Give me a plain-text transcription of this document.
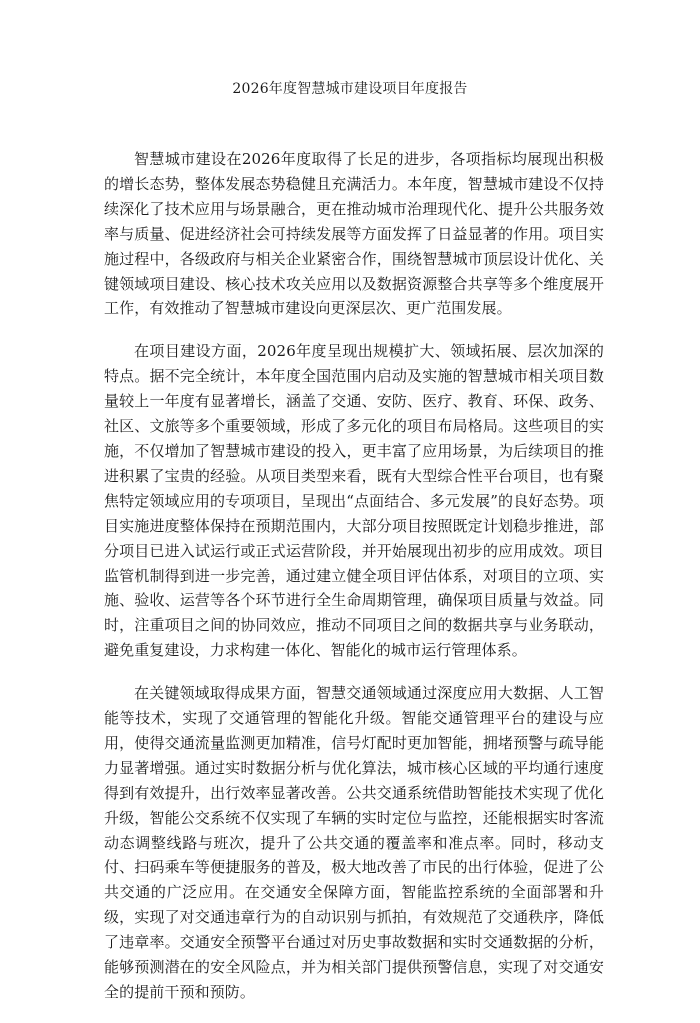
2026年度智慧城市建设项目年度报告

智慧城市建设在2026年度取得了长足的进步，各项指标均展现出积极的增长态势，整体发展态势稳健且充满活力。本年度，智慧城市建设不仅持续深化了技术应用与场景融合，更在推动城市治理现代化、提升公共服务效率与质量、促进经济社会可持续发展等方面发挥了日益显著的作用。项目实施过程中，各级政府与相关企业紧密合作，围绕智慧城市顶层设计优化、关键领域项目建设、核心技术攻关应用以及数据资源整合共享等多个维度展开工作，有效推动了智慧城市建设向更深层次、更广范围发展。

在项目建设方面，2026年度呈现出规模扩大、领域拓展、层次加深的特点。据不完全统计，本年度全国范围内启动及实施的智慧城市相关项目数量较上一年度有显著增长，涵盖了交通、安防、医疗、教育、环保、政务、社区、文旅等多个重要领域，形成了多元化的项目布局格局。这些项目的实施，不仅增加了智慧城市建设的投入，更丰富了应用场景，为后续项目的推进积累了宝贵的经验。从项目类型来看，既有大型综合性平台项目，也有聚焦特定领域应用的专项项目，呈现出“点面结合、多元发展”的良好态势。项目实施进度整体保持在预期范围内，大部分项目按照既定计划稳步推进，部分项目已进入试运行或正式运营阶段，并开始展现出初步的应用成效。项目监管机制得到进一步完善，通过建立健全项目评估体系，对项目的立项、实施、验收、运营等各个环节进行全生命周期管理，确保项目质量与效益。同时，注重项目之间的协同效应，推动不同项目之间的数据共享与业务联动，避免重复建设，力求构建一体化、智能化的城市运行管理体系。

在关键领域取得成果方面，智慧交通领域通过深度应用大数据、人工智能等技术，实现了交通管理的智能化升级。智能交通管理平台的建设与应用，使得交通流量监测更加精准，信号灯配时更加智能，拥堵预警与疏导能力显著增强。通过实时数据分析与优化算法，城市核心区域的平均通行速度得到有效提升，出行效率显著改善。公共交通系统借助智能技术实现了优化升级，智能公交系统不仅实现了车辆的实时定位与监控，还能根据实时客流动态调整线路与班次，提升了公共交通的覆盖率和准点率。同时，移动支付、扫码乘车等便捷服务的普及，极大地改善了市民的出行体验，促进了公共交通的广泛应用。在交通安全保障方面，智能监控系统的全面部署和升级，实现了对交通违章行为的自动识别与抓拍，有效规范了交通秩序，降低了违章率。交通安全预警平台通过对历史事故数据和实时交通数据的分析，能够预测潜在的安全风险点，并为相关部门提供预警信息，实现了对交通安全的提前干预和预防。
